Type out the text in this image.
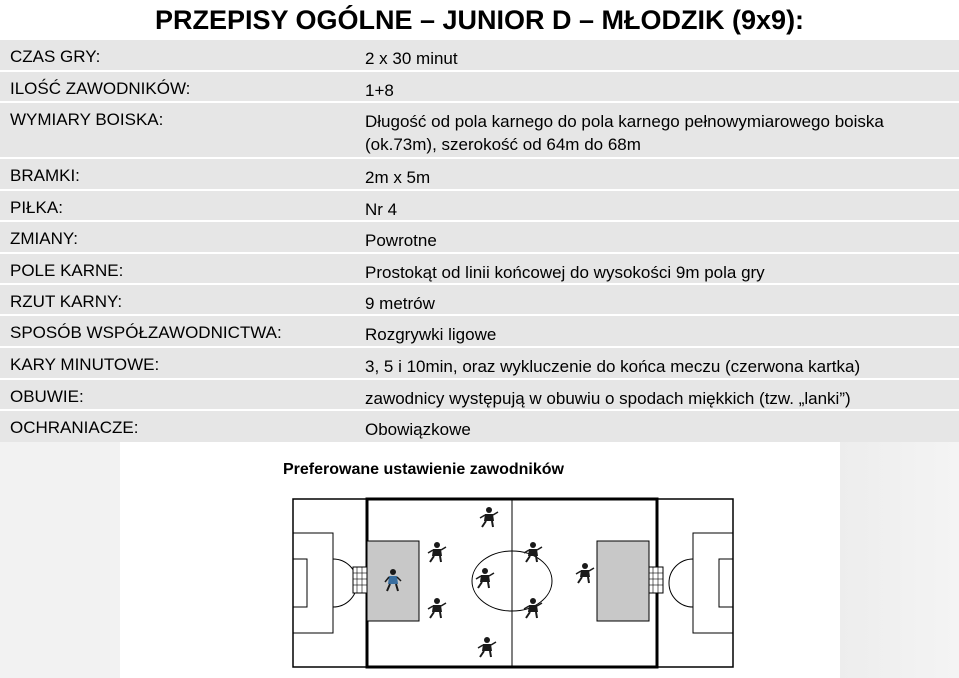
PRZEPISY OGÓLNE – JUNIOR D – MŁODZIK (9x9):
CZAS GRY:	2 x 30 minut
ILOŚĆ ZAWODNIKÓW:	1+8
WYMIARY BOISKA:	Długość od pola karnego do pola karnego pełnowymiarowego boiska (ok.73m), szerokość od 64m do 68m
BRAMKI:	2m x 5m
PIŁKA:	Nr 4
ZMIANY:	Powrotne
POLE KARNE:	Prostokąt od linii końcowej do wysokości 9m pola gry
RZUT KARNY:	9 metrów
SPOSÓB WSPÓŁZAWODNICTWA:	Rozgrywki ligowe
KARY MINUTOWE:	3, 5 i 10min, oraz wykluczenie do końca meczu (czerwona kartka)
OBUWIE:	zawodnicy występują w obuwiu o spodach miękkich (tzw. „lanki”)
OCHRANIACZE:	Obowiązkowe
Preferowane ustawienie zawodników
